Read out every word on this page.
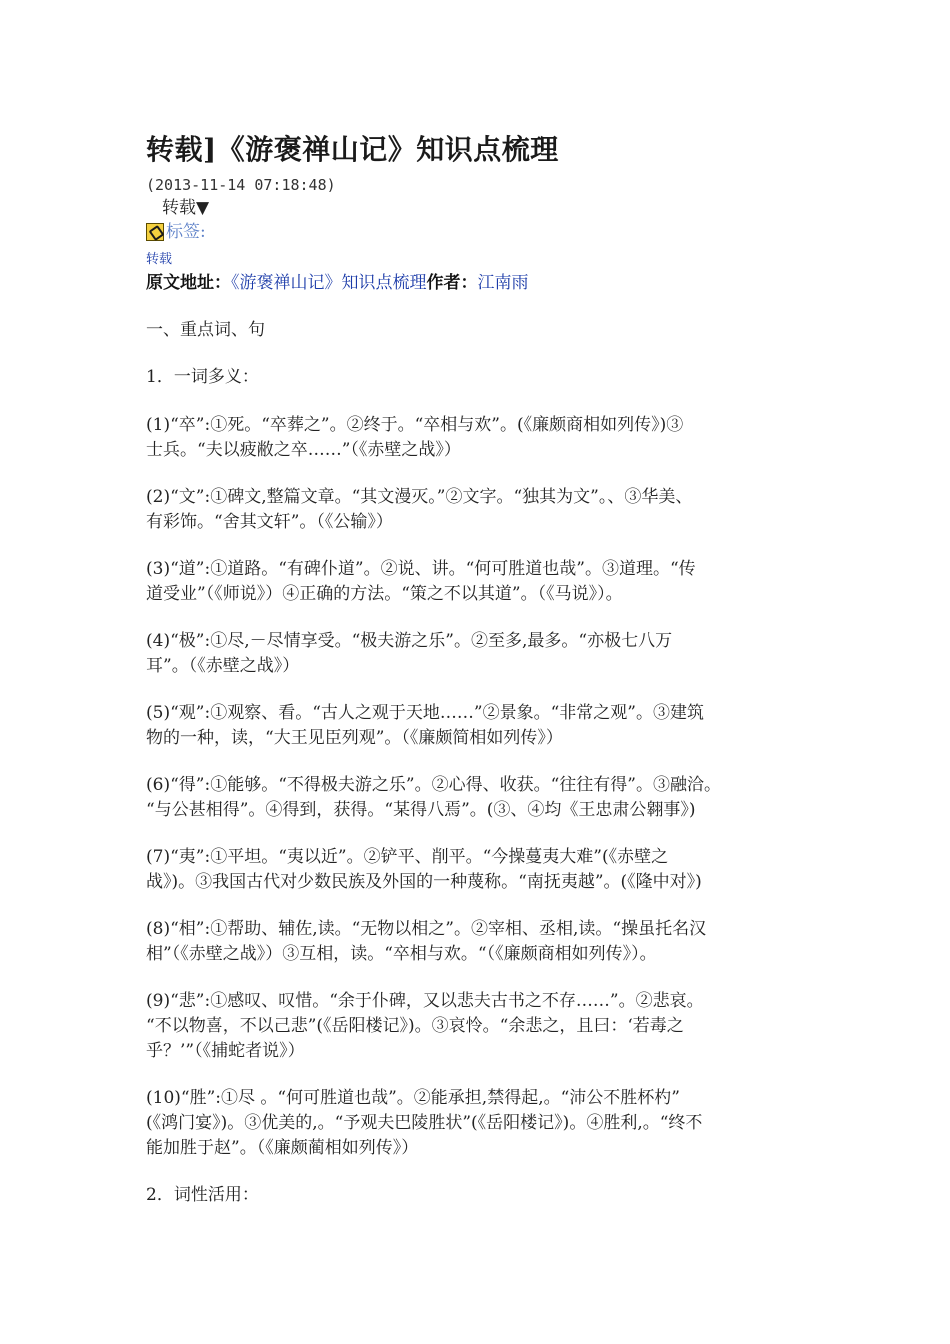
转载]《游褒禅山记》知识点梳理
(2013-11-14 07:18:48)
转载▼
标签:
转载
原文地址：《游褒禅山记》知识点梳理作者：江南雨
一、重点词、句
1．一词多义：

(1)“卒”:①死。“卒葬之”。②终于。“卒相与欢”。(《廉颇商相如列传》)③
士兵。“夫以疲敝之卒……”（《赤壁之战》）

(2)“文”:①碑文,整篇文章。“其文漫灭。”②文字。“独其为文”。、③华美、
有彩饰。“舍其文轩”。（《公输》）

(3)“道”:①道路。“有碑仆道”。②说、讲。“何可胜道也哉”。③道理。“传
道受业”（《师说》）④正确的方法。“策之不以其道”。（《马说》）。

(4)“极”:①尽,－尽情享受。“极夫游之乐”。②至多,最多。“亦极七八万
耳”。（《赤壁之战》）

(5)“观”:①观察、看。“古人之观于天地……”②景象。“非常之观”。③建筑
物的一种，读，“大王见臣列观”。（《廉颇简相如列传》）

(6)“得”:①能够。“不得极夫游之乐”。②心得、收获。“往往有得”。③融洽。
“与公甚相得”。④得到，获得。“某得八焉”。(③、④均《王忠肃公翱事》)

(7)“夷”:①平坦。“夷以近”。②铲平、削平。“今操蔓夷大难”(《赤壁之
战》)。③我国古代对少数民族及外国的一种蔑称。“南抚夷越”。(《隆中对》)

(8)“相”:①帮助、辅佐,读。“无物以相之”。②宰相、丞相,读。“操虽托名汉
相”（《赤壁之战》）③互相，读。“卒相与欢。“（《廉颇商相如列传》）。

(9)“悲”:①感叹、叹惜。“余于仆碑，又以悲夫古书之不存……”。②悲哀。
“不以物喜，不以己悲”(《岳阳楼记》)。③哀怜。“余悲之，且曰：‘若毒之
乎？’”（《捕蛇者说》）

(10)“胜”:①尽 。“何可胜道也哉”。②能承担,禁得起,。“沛公不胜杯杓”
(《鸿门宴》)。③优美的,。“予观夫巴陵胜状”(《岳阳楼记》)。④胜利,。“终不
能加胜于赵”。（《廉颇蔺相如列传》）

2．词性活用：
